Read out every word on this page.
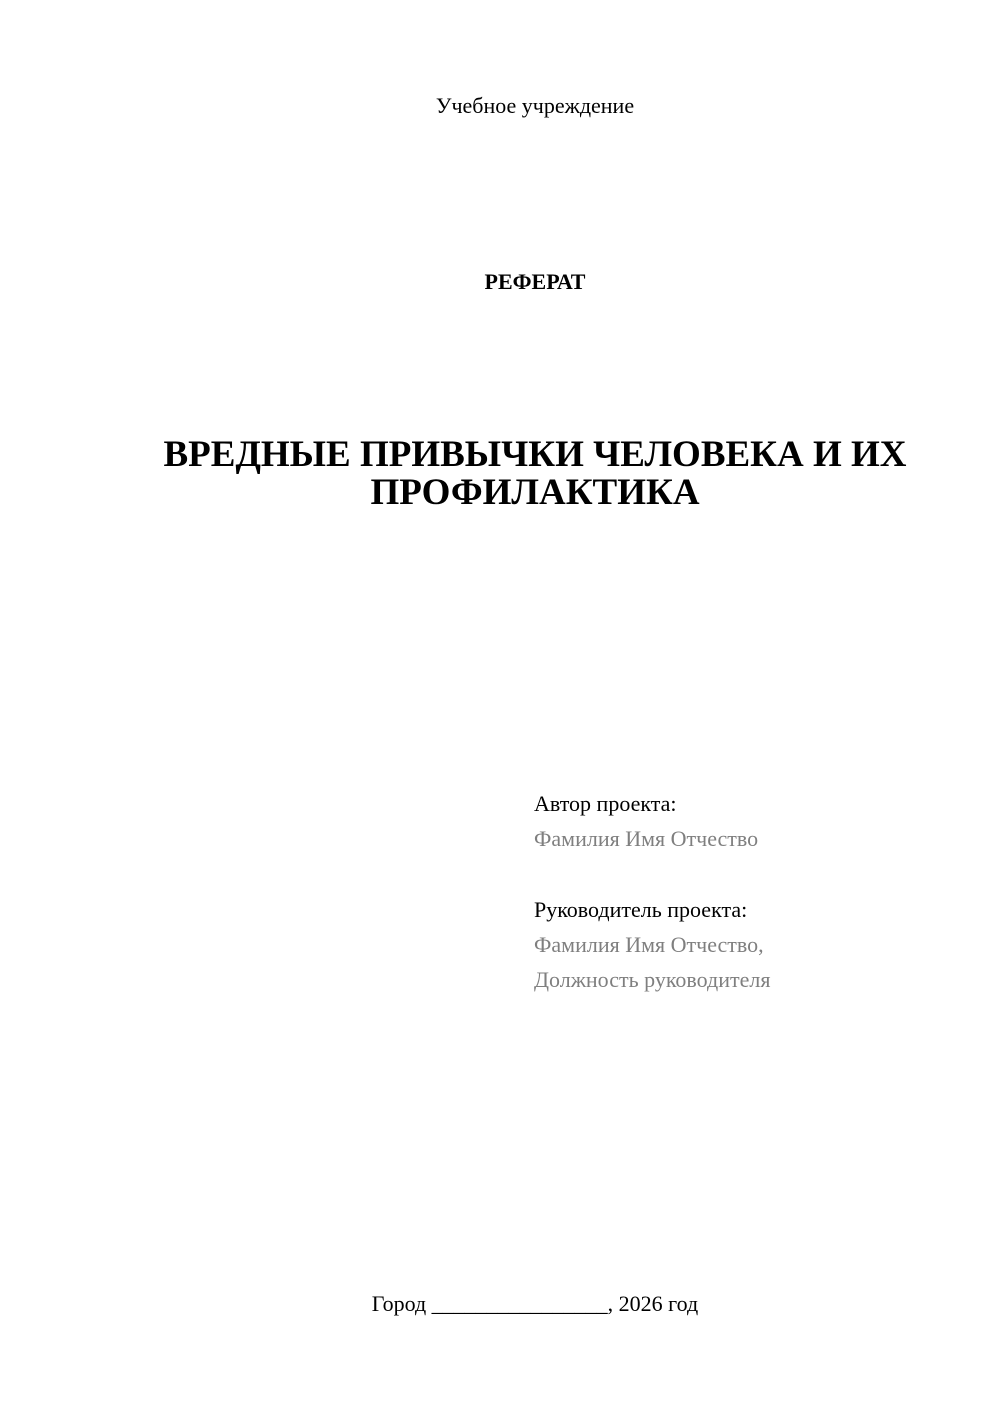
Учебное учреждение
РЕФЕРАТ
ВРЕДНЫЕ ПРИВЫЧКИ ЧЕЛОВЕКА И ИХ
ПРОФИЛАКТИКА
Автор проекта:
Фамилия Имя Отчество
Руководитель проекта:
Фамилия Имя Отчество,
Должность руководителя
Город ________________, 2026 год
